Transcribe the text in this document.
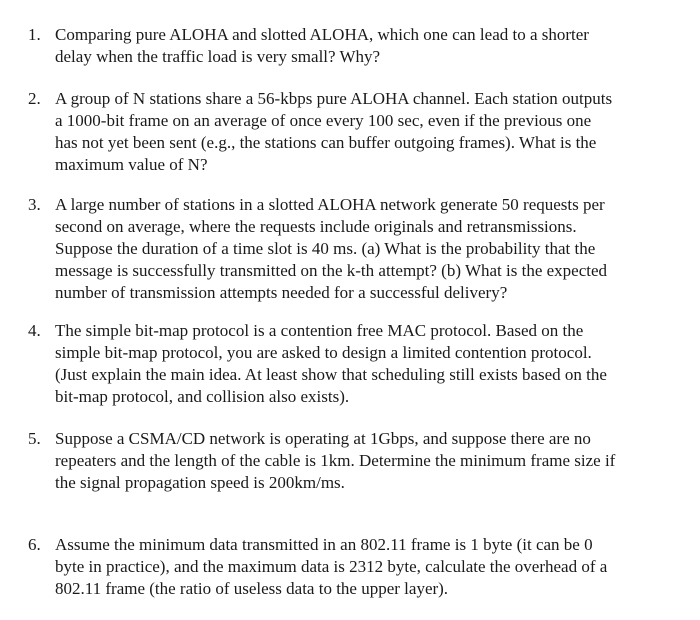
1. Comparing pure ALOHA and slotted ALOHA, which one can lead to a shorter
delay when the traffic load is very small? Why?
2. A group of N stations share a 56-kbps pure ALOHA channel. Each station outputs
a 1000-bit frame on an average of once every 100 sec, even if the previous one
has not yet been sent (e.g., the stations can buffer outgoing frames). What is the
maximum value of N?
3. A large number of stations in a slotted ALOHA network generate 50 requests per
second on average, where the requests include originals and retransmissions.
Suppose the duration of a time slot is 40 ms. (a) What is the probability that the
message is successfully transmitted on the k-th attempt? (b) What is the expected
number of transmission attempts needed for a successful delivery?
4. The simple bit-map protocol is a contention free MAC protocol. Based on the
simple bit-map protocol, you are asked to design a limited contention protocol.
(Just explain the main idea. At least show that scheduling still exists based on the
bit-map protocol, and collision also exists).
5. Suppose a CSMA/CD network is operating at 1Gbps, and suppose there are no
repeaters and the length of the cable is 1km. Determine the minimum frame size if
the signal propagation speed is 200km/ms.
6. Assume the minimum data transmitted in an 802.11 frame is 1 byte (it can be 0
byte in practice), and the maximum data is 2312 byte, calculate the overhead of a
802.11 frame (the ratio of useless data to the upper layer).
